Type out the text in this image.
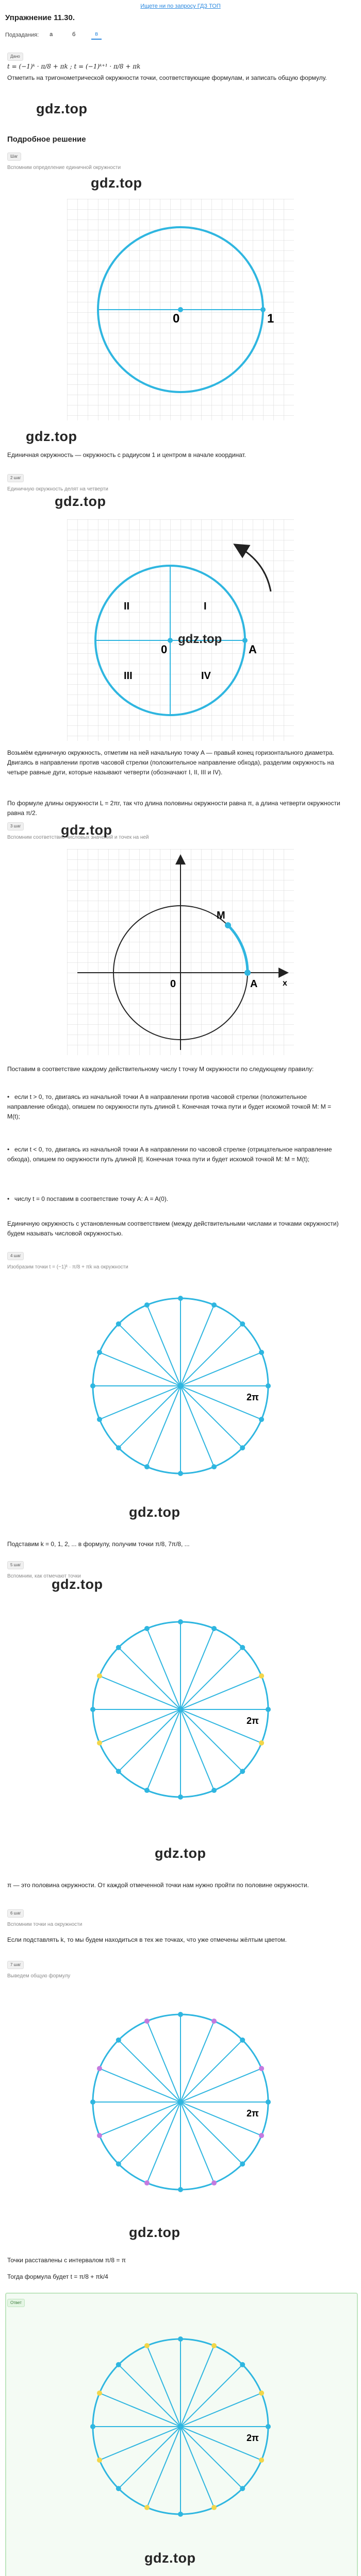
Ищете ни по запросу ГДЗ ТОП
Упражнение 11.30.
Подзадания:	а	б	в
Дано
t = (−1)ᵏ · π/8 + πk ; t = (−1)ᵏ⁺¹ · π/8 + πk
Отметить на тригонометрической окружности точки, соответствующие формулам, и записать общую формулу.
gdz.top
Подробное решение
Шаг
Вспомним определение единичной окружности
gdz.top
0	1
gdz.top
Единичная окружность — окружность с радиусом 1 и центром в начале координат.
2 шаг
Единичную окружность делят на четверти
gdz.top
I
II
III	IV
0	A
gdz.top
Возьмём единичную окружность, отметим на ней начальную точку A — правый конец горизонтального диаметра. Двигаясь в направлении против часовой стрелки (положительное направление обхода), разделим окружность на четыре равные дуги, которые называют четверти (обозначают I, II, III и IV).
По формуле длины окружности L = 2πr, так что длина половины окружности равна π, а длина четверти окружности равна π/2.
3 шаг
Вспомним соответствие числовых значений и точек на ней
gdz.top
M
A
0	x
Поставим в соответствие каждому действительному числу t точку M окружности по следующему правилу:
• если t > 0, то, двигаясь из начальной точки A в направлении против часовой стрелки (положительное направление обхода), опишем по окружности путь длиной t. Конечная точка пути и будет искомой точкой M: M = M(t);
• если t < 0, то, двигаясь из начальной точки A в направлении по часовой стрелке (отрицательное направление обхода), опишем по окружности путь длиной |t|. Конечная точка пути и будет искомой точкой M: M = M(t);
• числу t = 0 поставим в соответствие точку A: A = A(0).
Единичную окружность с установленным соответствием (между действительными числами и точками окружности) будем называть числовой окружностью.
4 шаг
Изобразим точки t = (−1)ᵏ · π/8 + πk на окружности
2π
gdz.top
Подставим k = 0, 1, 2, ... в формулу, получим точки π/8, 7π/8, ...
5 шаг
Вспомним, как отмечают точки
gdz.top
2π
gdz.top
π — это половина окружности. От каждой отмеченной точки нам нужно пройти по половине окружности.
6 шаг
Вспомним точки на окружности
Если подставлять k, то мы будем находиться в тех же точках, что уже отмечены жёлтым цветом.
7 шаг
Выведем общую формулу
2π
gdz.top
Точки расставлены с интервалом π/8 = π
Тогда формула будет t = π/8 + πk/4
Ответ
2π
gdz.top
